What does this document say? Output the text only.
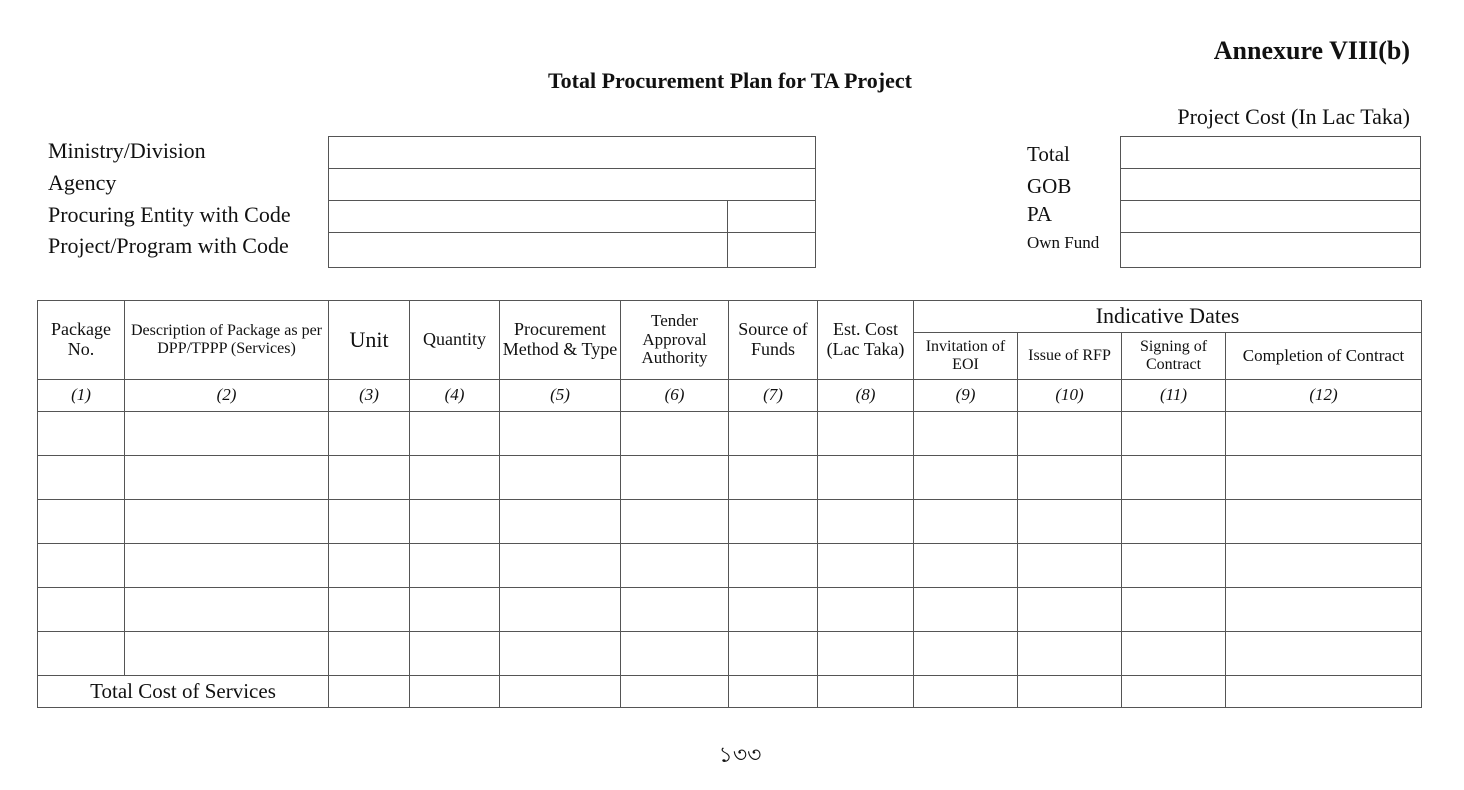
Annexure VIII(b)
Total Procurement Plan for TA Project
Project Cost (In Lac Taka)
Ministry/Division
Agency
Procuring Entity with Code
Project/Program with Code
Total
GOB
PA
Own Fund
Package No.	Description of Package as per DPP/TPPP (Services)	Unit	Quantity	Procurement Method & Type	Tender Approval Authority	Source of Funds	Est. Cost (Lac Taka)	Indicative Dates			
								Invitation of EOI	Issue of RFP	Signing of Contract	Completion of Contract
(1)	(2)	(3)	(4)	(5)	(6)	(7)	(8)	(9)	(10)	(11)	(12)

Total Cost of Services											
১৩৩
